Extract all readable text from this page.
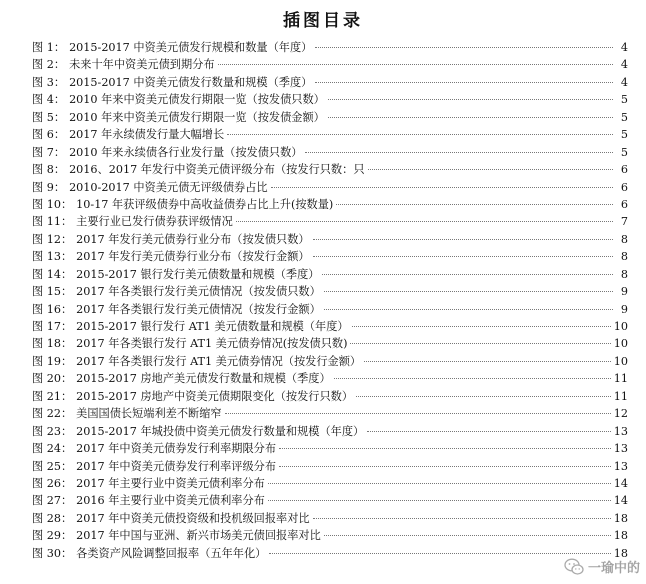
插图目录
图 1： 2015-2017 中资美元债发行规模和数量（年度）	4
图 2： 未来十年中资美元债到期分布	4
图 3： 2015-2017 中资美元债发行数量和规模（季度）	4
图 4： 2010 年来中资美元债发行期限一览（按发债只数）	5
图 5： 2010 年来中资美元债发行期限一览（按发债金额）	5
图 6： 2017 年永续债发行量大幅增长	5
图 7： 2010 年来永续债各行业发行量（按发债只数）	5
图 8： 2016、2017 年发行中资美元债评级分布（按发行只数：只	6
图 9： 2010-2017 中资美元债无评级债券占比	6
图 10： 10-17 年获评级债券中高收益债券占比上升(按数量)	6
图 11： 主要行业已发行债券获评级情况	7
图 12： 2017 年发行美元债券行业分布（按发债只数）	8
图 13： 2017 年发行美元债券行业分布（按发行金额）	8
图 14： 2015-2017 银行发行美元债数量和规模（季度）	8
图 15： 2017 年各类银行发行美元债情况（按发债只数）	9
图 16： 2017 年各类银行发行美元债情况（按发行金额）	9
图 17： 2015-2017 银行发行 AT1 美元债数量和规模（年度）	10
图 18： 2017 年各类银行发行 AT1 美元债券情况(按发债只数)	10
图 19： 2017 年各类银行发行 AT1 美元债券情况（按发行金额）	10
图 20： 2015-2017 房地产美元债发行数量和规模（季度）	11
图 21： 2015-2017 房地产中资美元债期限变化（按发行只数）	11
图 22： 美国国债长短端利差不断缩窄	12
图 23： 2015-2017 年城投债中资美元债发行数量和规模（年度）	13
图 24： 2017 年中资美元债券发行利率期限分布	13
图 25： 2017 年中资美元债券发行利率评级分布	13
图 26： 2017 年主要行业中资美元债利率分布	14
图 27： 2016 年主要行业中资美元债利率分布	14
图 28： 2017 年中资美元债投资级和投机级回报率对比	18
图 29： 2017 年中国与亚洲、新兴市场美元债回报率对比	18
图 30： 各类资产风险调整回报率（五年年化）	18
一瑜中的
